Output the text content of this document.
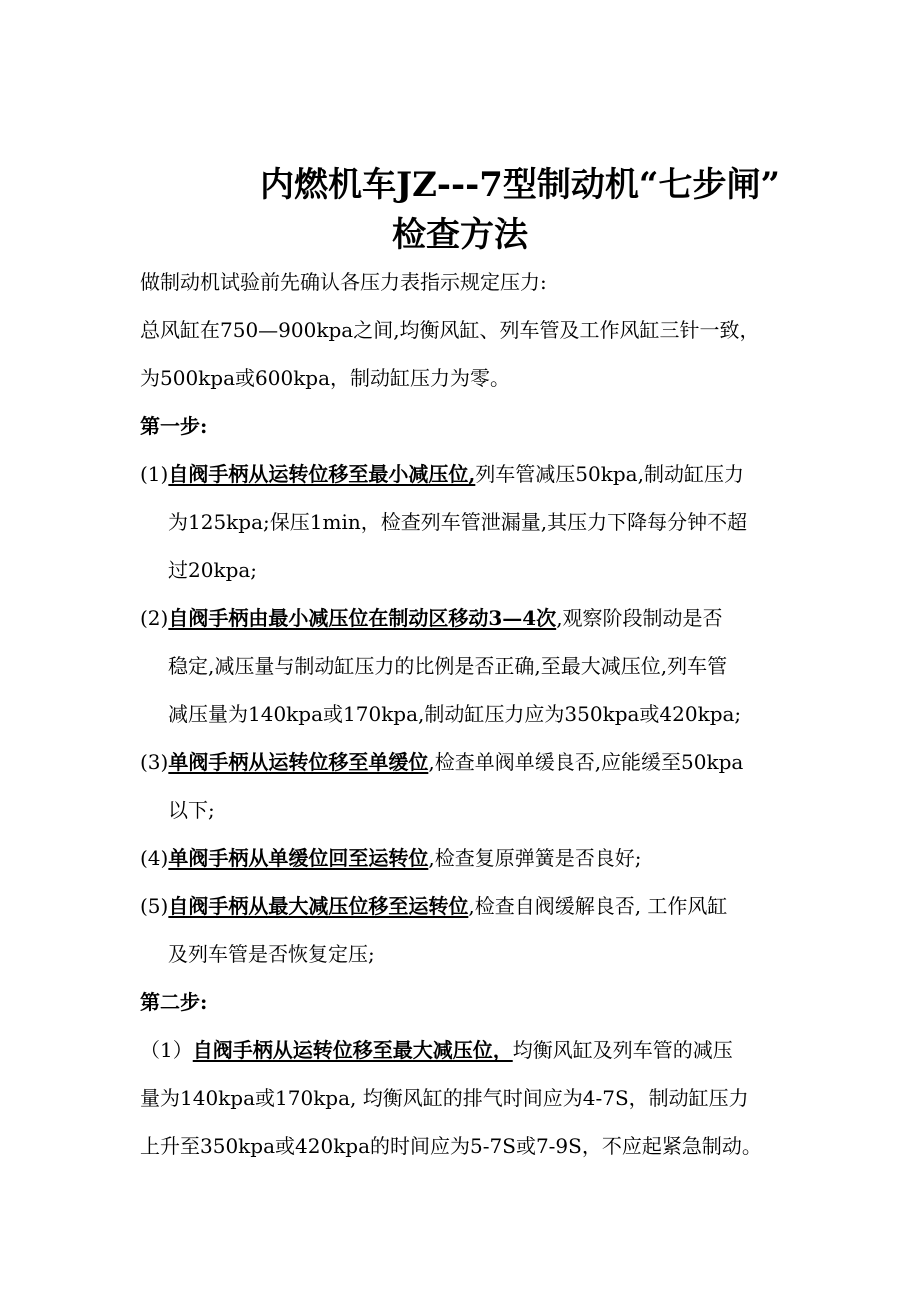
内燃机车JZ---7型制动机“七步闸”
检查方法
做制动机试验前先确认各压力表指示规定压力:
总风缸在750—900kpa之间,均衡风缸、列车管及工作风缸三针一致，
为500kpa或600kpa，制动缸压力为零。
第一步:
(1)自阀手柄从运转位移至最小减压位,列车管减压50kpa,制动缸压力
为125kpa;保压1min，检查列车管泄漏量,其压力下降每分钟不超
过20kpa;
(2)自阀手柄由最小减压位在制动区移动3—4次,观察阶段制动是否
稳定,减压量与制动缸压力的比例是否正确,至最大减压位,列车管
减压量为140kpa或170kpa,制动缸压力应为350kpa或420kpa;
(3)单阀手柄从运转位移至单缓位,检查单阀单缓良否,应能缓至50kpa
以下;
(4)单阀手柄从单缓位回至运转位,检查复原弹簧是否良好;
(5)自阀手柄从最大减压位移至运转位,检查自阀缓解良否, 工作风缸
及列车管是否恢复定压;
第二步:
（1）自阀手柄从运转位移至最大减压位，均衡风缸及列车管的减压
量为140kpa或170kpa, 均衡风缸的排气时间应为4-7S，制动缸压力
上升至350kpa或420kpa的时间应为5-7S或7-9S，不应起紧急制动。
